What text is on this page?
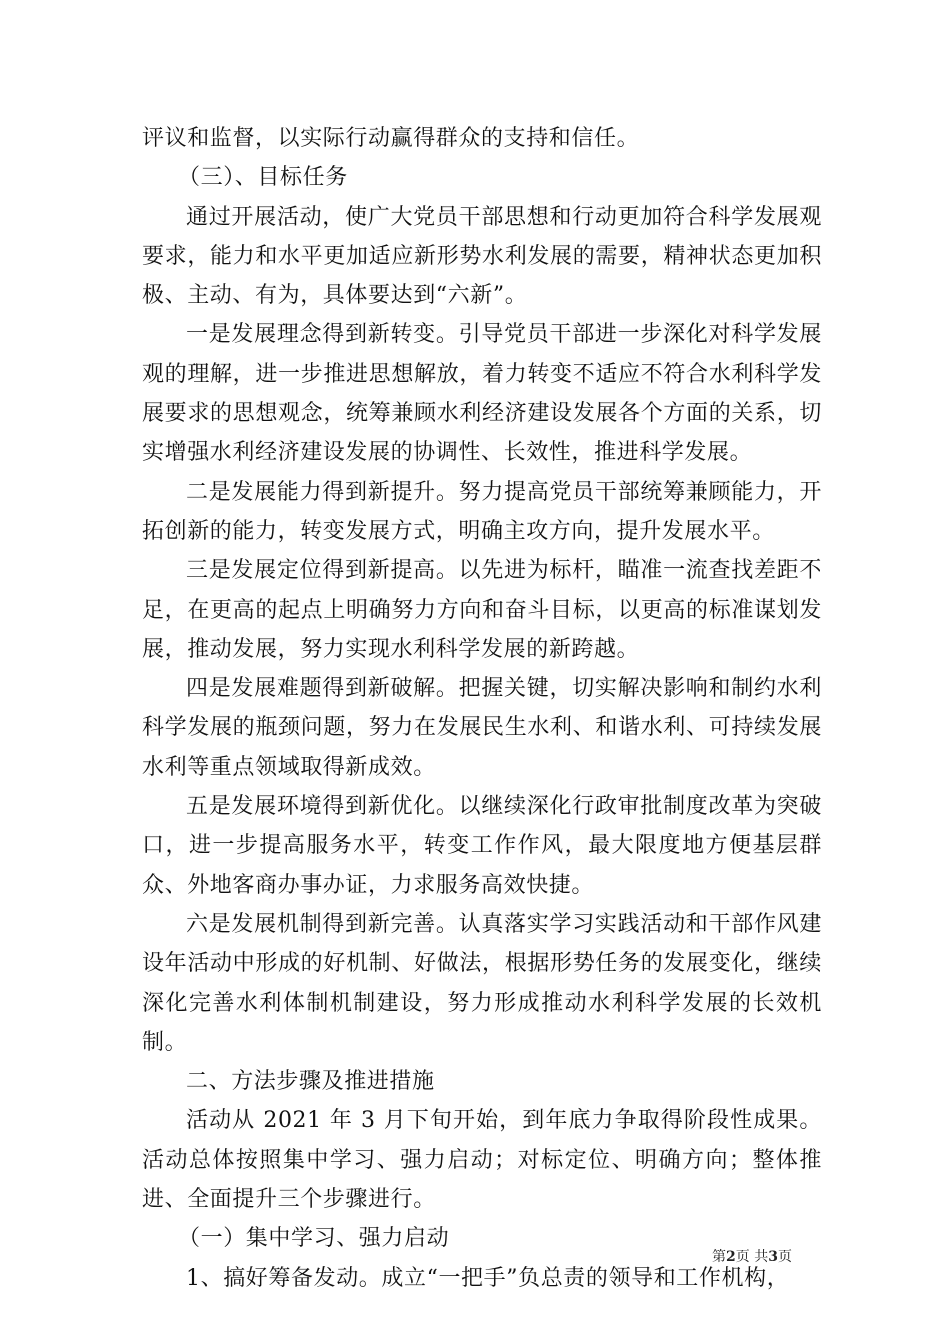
评议和监督，以实际行动赢得群众的支持和信任。

（三）、目标任务

通过开展活动，使广大党员干部思想和行动更加符合科学发展观要求，能力和水平更加适应新形势水利发展的需要，精神状态更加积极、主动、有为，具体要达到“六新”。

一是发展理念得到新转变。引导党员干部进一步深化对科学发展观的理解，进一步推进思想解放，着力转变不适应不符合水利科学发展要求的思想观念，统筹兼顾水利经济建设发展各个方面的关系，切实增强水利经济建设发展的协调性、长效性，推进科学发展。

二是发展能力得到新提升。努力提高党员干部统筹兼顾能力，开拓创新的能力，转变发展方式，明确主攻方向，提升发展水平。

三是发展定位得到新提高。以先进为标杆，瞄准一流查找差距不足，在更高的起点上明确努力方向和奋斗目标，以更高的标准谋划发展，推动发展，努力实现水利科学发展的新跨越。

四是发展难题得到新破解。把握关键，切实解决影响和制约水利科学发展的瓶颈问题，努力在发展民生水利、和谐水利、可持续发展水利等重点领域取得新成效。

五是发展环境得到新优化。以继续深化行政审批制度改革为突破口，进一步提高服务水平，转变工作作风，最大限度地方便基层群众、外地客商办事办证，力求服务高效快捷。

六是发展机制得到新完善。认真落实学习实践活动和干部作风建设年活动中形成的好机制、好做法，根据形势任务的发展变化，继续深化完善水利体制机制建设，努力形成推动水利科学发展的长效机制。

二、方法步骤及推进措施

活动从 2021 年 3 月下旬开始，到年底力争取得阶段性成果。活动总体按照集中学习、强力启动；对标定位、明确方向；整体推进、全面提升三个步骤进行。

（一）集中学习、强力启动

1、搞好筹备发动。成立“一把手”负总责的领导和工作机构，

第2页 共3页
